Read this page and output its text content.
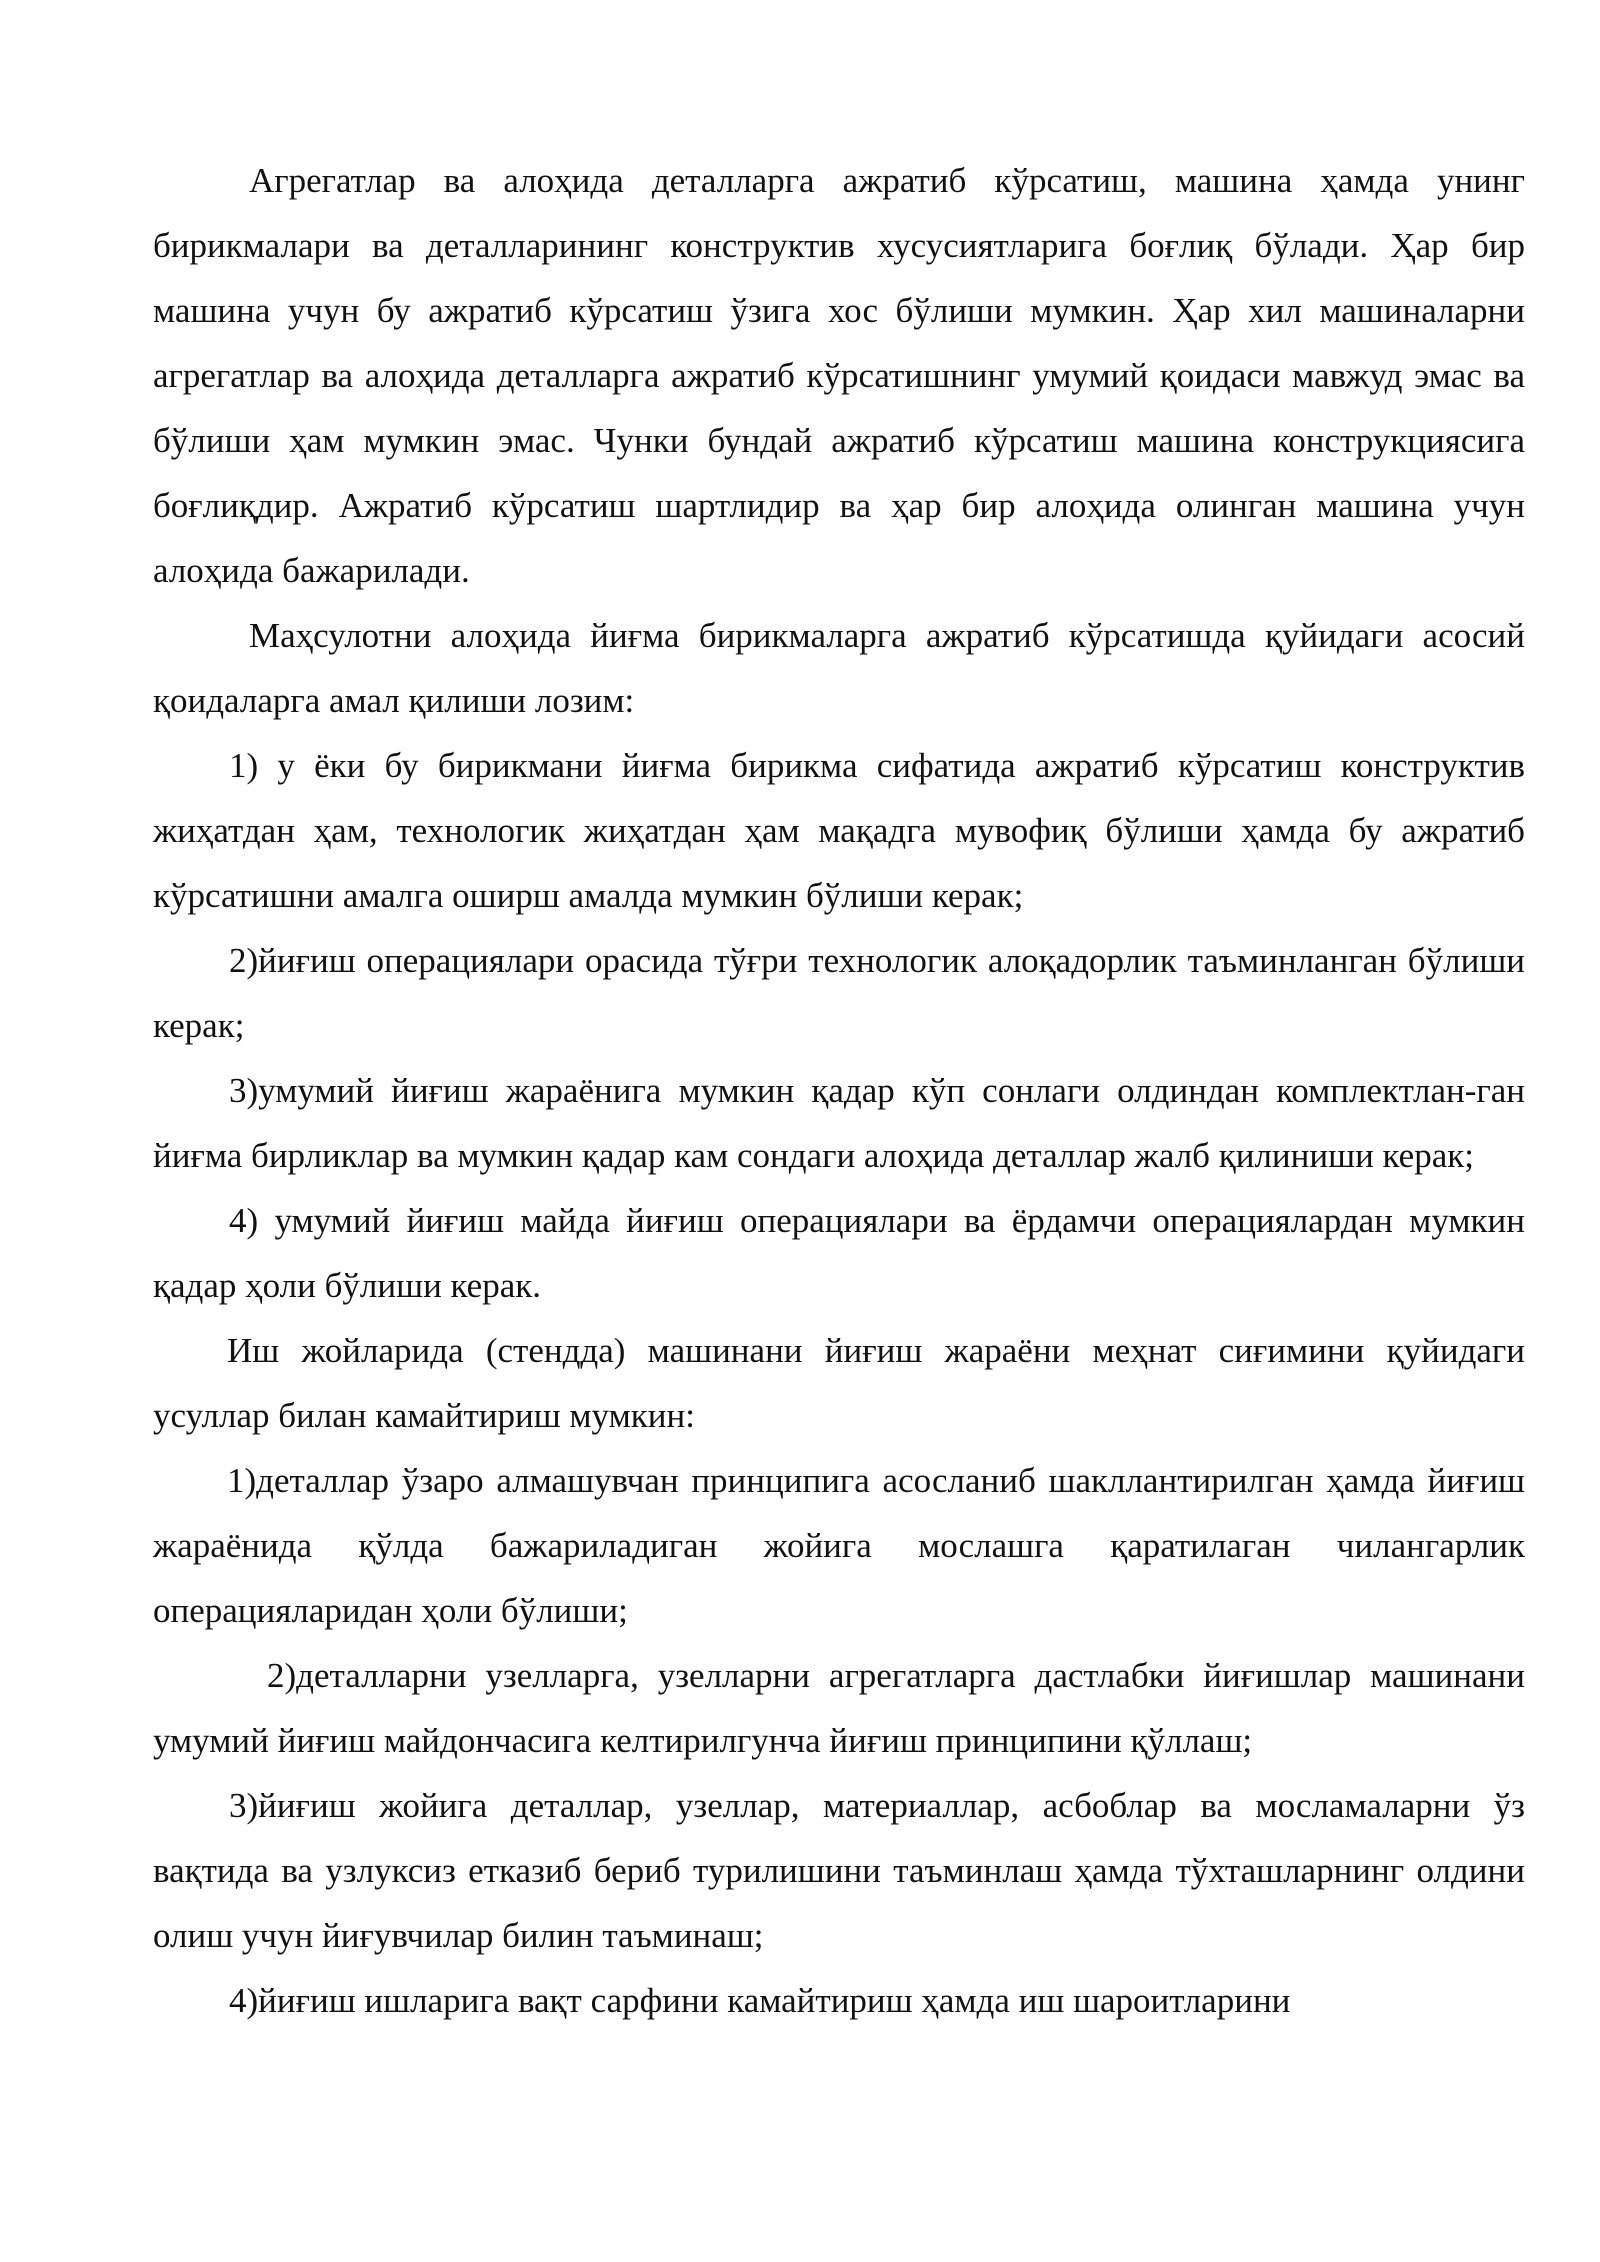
Агрегатлар ва алоҳида деталларга ажратиб кўрсатиш, машина ҳамда унинг бирикмалари ва деталларининг конструктив хусусиятларига боғлиқ бўлади. Ҳар бир машина учун бу ажратиб кўрсатиш ўзига хос бўлиши мумкин. Ҳар хил машиналарни агрегатлар ва алоҳида деталларга ажратиб кўрсатишнинг умумий қоидаси мавжуд эмас ва бўлиши ҳам мумкин эмас. Чунки бундай ажратиб кўрсатиш машина конструкциясига боғлиқдир. Ажратиб кўрсатиш шартлидир ва ҳар бир алоҳида олинган машина учун алоҳида бажарилади.

Маҳсулотни алоҳида йиғма бирикмаларга ажратиб кўрсатишда қуйидаги асосий қоидаларга амал қилиши лозим:

1) у ёки бу бирикмани йиғма бирикма сифатида ажратиб кўрсатиш конструктив жиҳатдан ҳам, технологик жиҳатдан ҳам мақадга мувофиқ бўлиши ҳамда бу ажратиб кўрсатишни амалга оширш амалда мумкин бўлиши керак;

2)йиғиш операциялари орасида тўғри технологик алоқадорлик таъминланган бўлиши керак;

3)умумий йиғиш жараёнига мумкин қадар кўп сонлаги олдиндан комплектлан-ган йиғма бирликлар ва мумкин қадар кам сондаги алоҳида деталлар жалб қилиниши керак;

4) умумий йиғиш майда йиғиш операциялари ва ёрдамчи операциялардан мумкин қадар ҳоли бўлиши керак.

Иш жойларида (стендда) машинани йиғиш жараёни меҳнат сиғимини қуйидаги усуллар билан камайтириш мумкин:

1)деталлар ўзаро алмашувчан принципига асосланиб шакллантирилган ҳамда йиғиш жараёнида қўлда бажариладиган жойига мослашга қаратилаган чилангарлик операцияларидан ҳоли бўлиши;

2)деталларни узелларга, узелларни агрегатларга дастлабки йиғишлар машинани умумий йиғиш майдончасига келтирилгунча йиғиш принципини қўллаш;

3)йиғиш жойига деталлар, узеллар, материаллар, асбоблар ва мосламаларни ўз вақтида ва узлуксиз етказиб бериб турилишини таъминлаш ҳамда тўхташларнинг олдини олиш учун йиғувчилар билин таъминаш;

4)йиғиш ишларига вақт сарфини камайтириш ҳамда иш шароитларини
